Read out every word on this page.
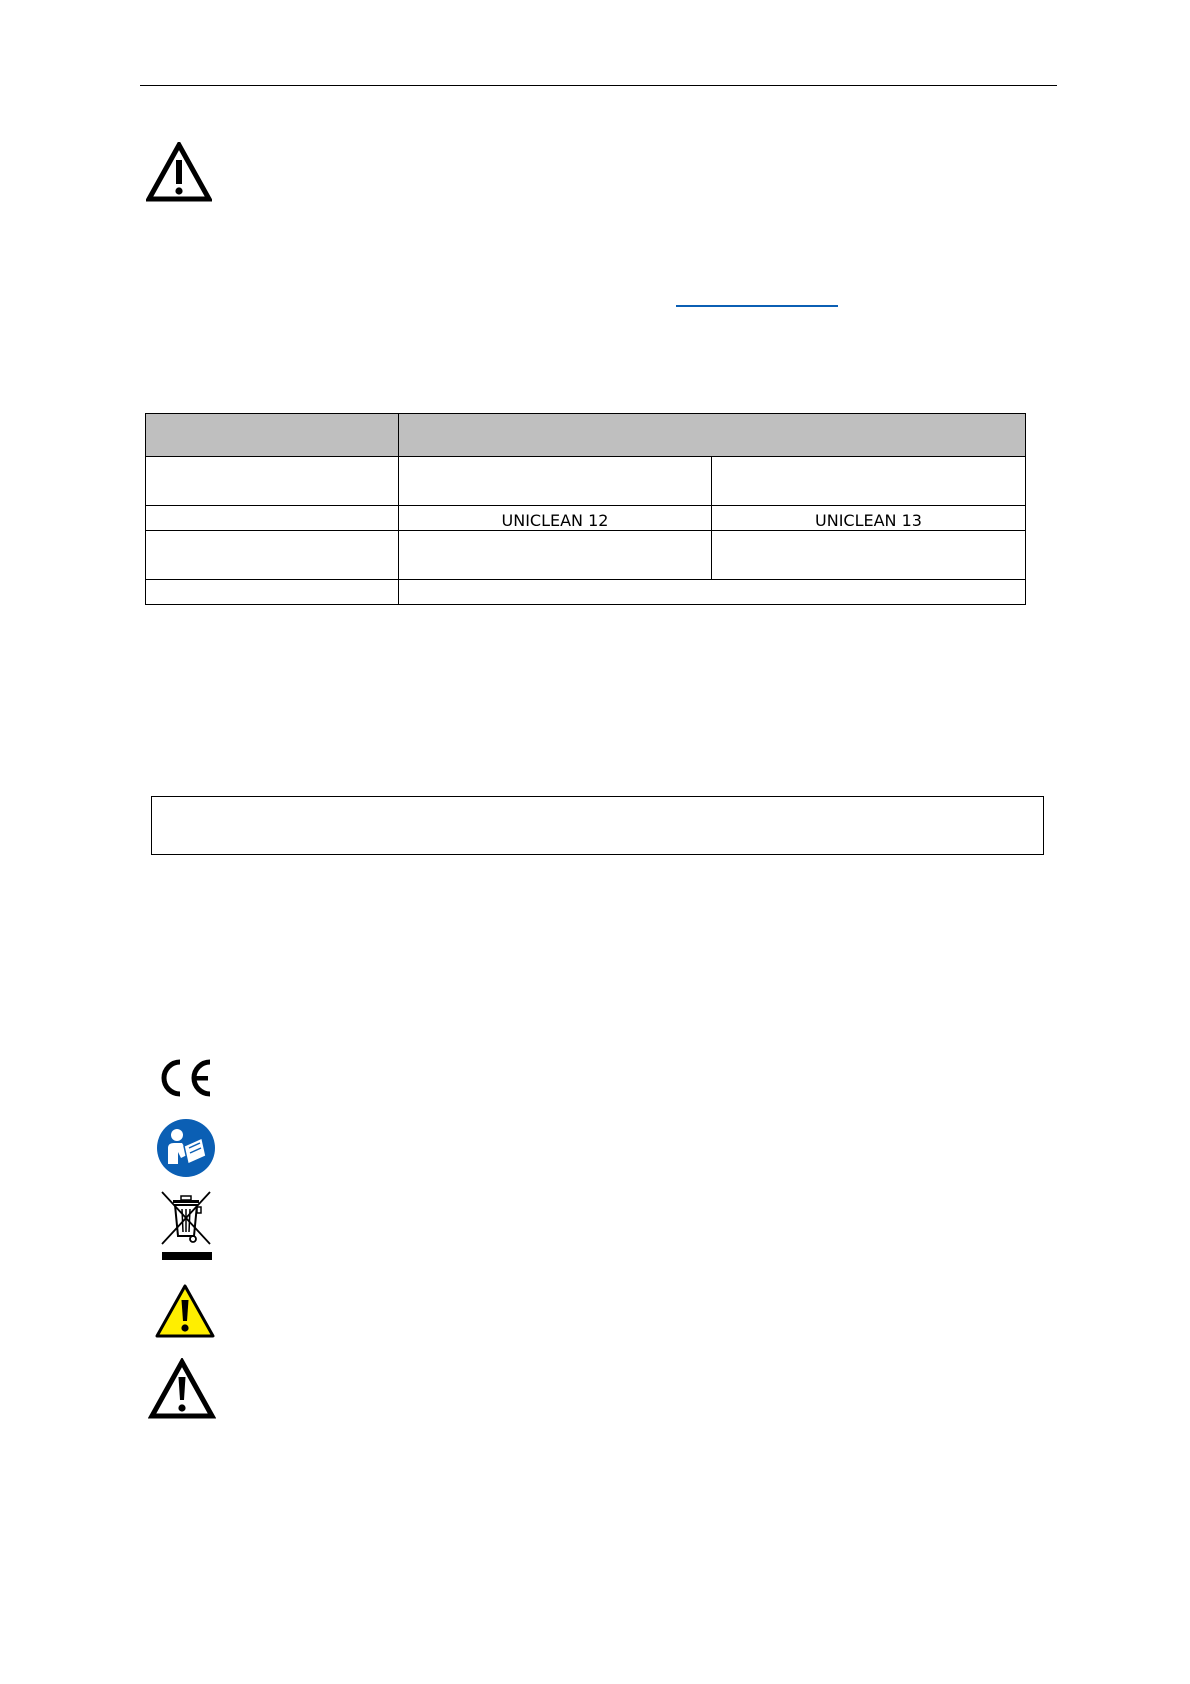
	UNICLEAN 12	UNICLEAN 13
